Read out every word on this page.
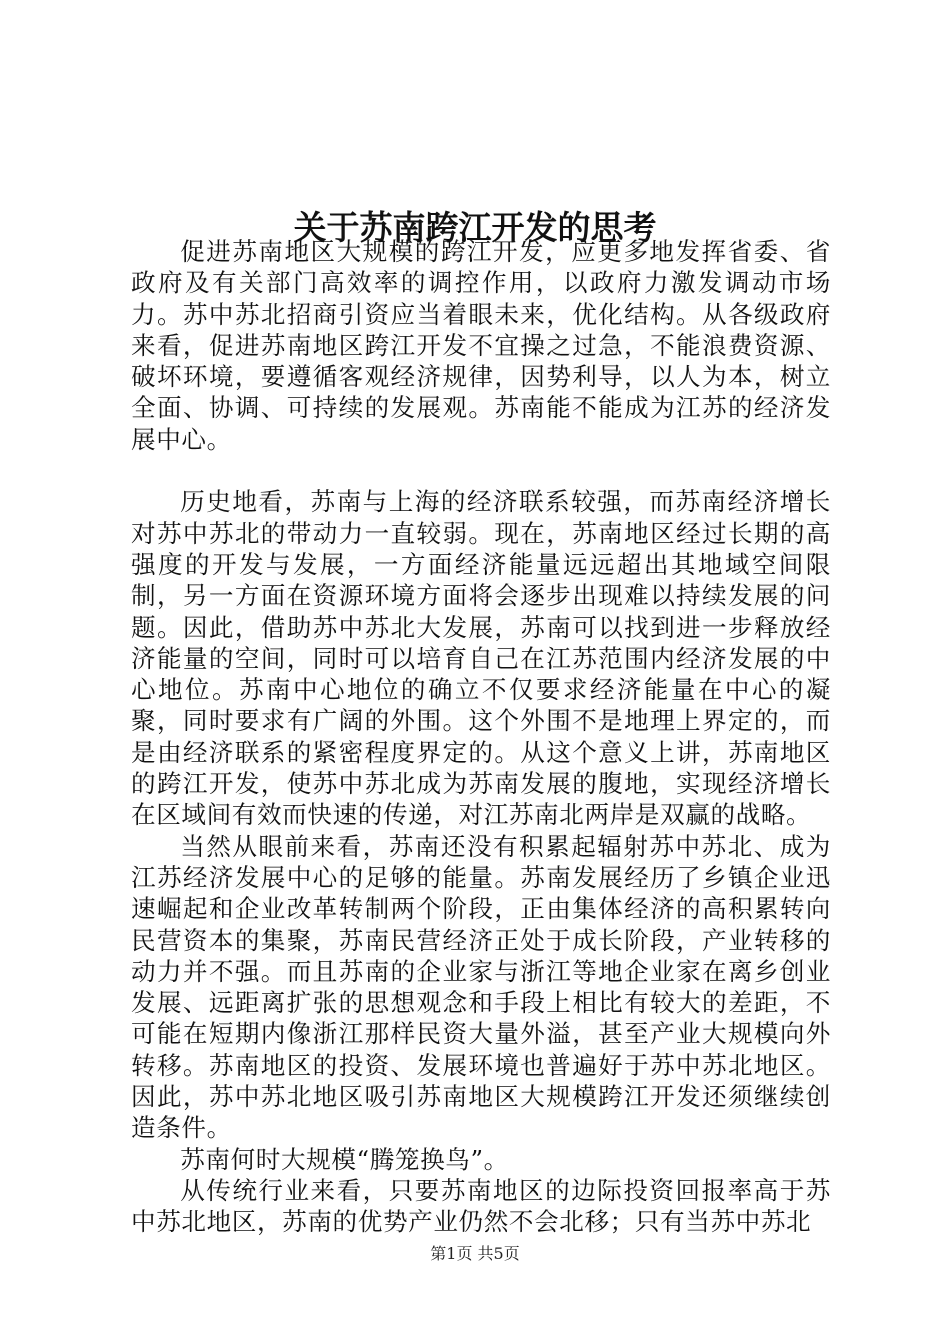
关于苏南跨江开发的思考

促进苏南地区大规模的跨江开发，应更多地发挥省委、省政府及有关部门高效率的调控作用，以政府力激发调动市场力。苏中苏北招商引资应当着眼未来，优化结构。从各级政府来看，促进苏南地区跨江开发不宜操之过急，不能浪费资源、破坏环境，要遵循客观经济规律，因势利导，以人为本，树立全面、协调、可持续的发展观。苏南能不能成为江苏的经济发展中心。

历史地看，苏南与上海的经济联系较强，而苏南经济增长对苏中苏北的带动力一直较弱。现在，苏南地区经过长期的高强度的开发与发展，一方面经济能量远远超出其地域空间限制，另一方面在资源环境方面将会逐步出现难以持续发展的问题。因此，借助苏中苏北大发展，苏南可以找到进一步释放经济能量的空间，同时可以培育自己在江苏范围内经济发展的中心地位。苏南中心地位的确立不仅要求经济能量在中心的凝聚，同时要求有广阔的外围。这个外围不是地理上界定的，而是由经济联系的紧密程度界定的。从这个意义上讲，苏南地区的跨江开发，使苏中苏北成为苏南发展的腹地，实现经济增长在区域间有效而快速的传递，对江苏南北两岸是双赢的战略。

当然从眼前来看，苏南还没有积累起辐射苏中苏北、成为江苏经济发展中心的足够的能量。苏南发展经历了乡镇企业迅速崛起和企业改革转制两个阶段，正由集体经济的高积累转向民营资本的集聚，苏南民营经济正处于成长阶段，产业转移的动力并不强。而且苏南的企业家与浙江等地企业家在离乡创业发展、远距离扩张的思想观念和手段上相比有较大的差距，不可能在短期内像浙江那样民资大量外溢，甚至产业大规模向外转移。苏南地区的投资、发展环境也普遍好于苏中苏北地区。因此，苏中苏北地区吸引苏南地区大规模跨江开发还须继续创造条件。

苏南何时大规模“腾笼换鸟”。

从传统行业来看，只要苏南地区的边际投资回报率高于苏中苏北地区，苏南的优势产业仍然不会北移；只有当苏中苏北

第1页 共5页
